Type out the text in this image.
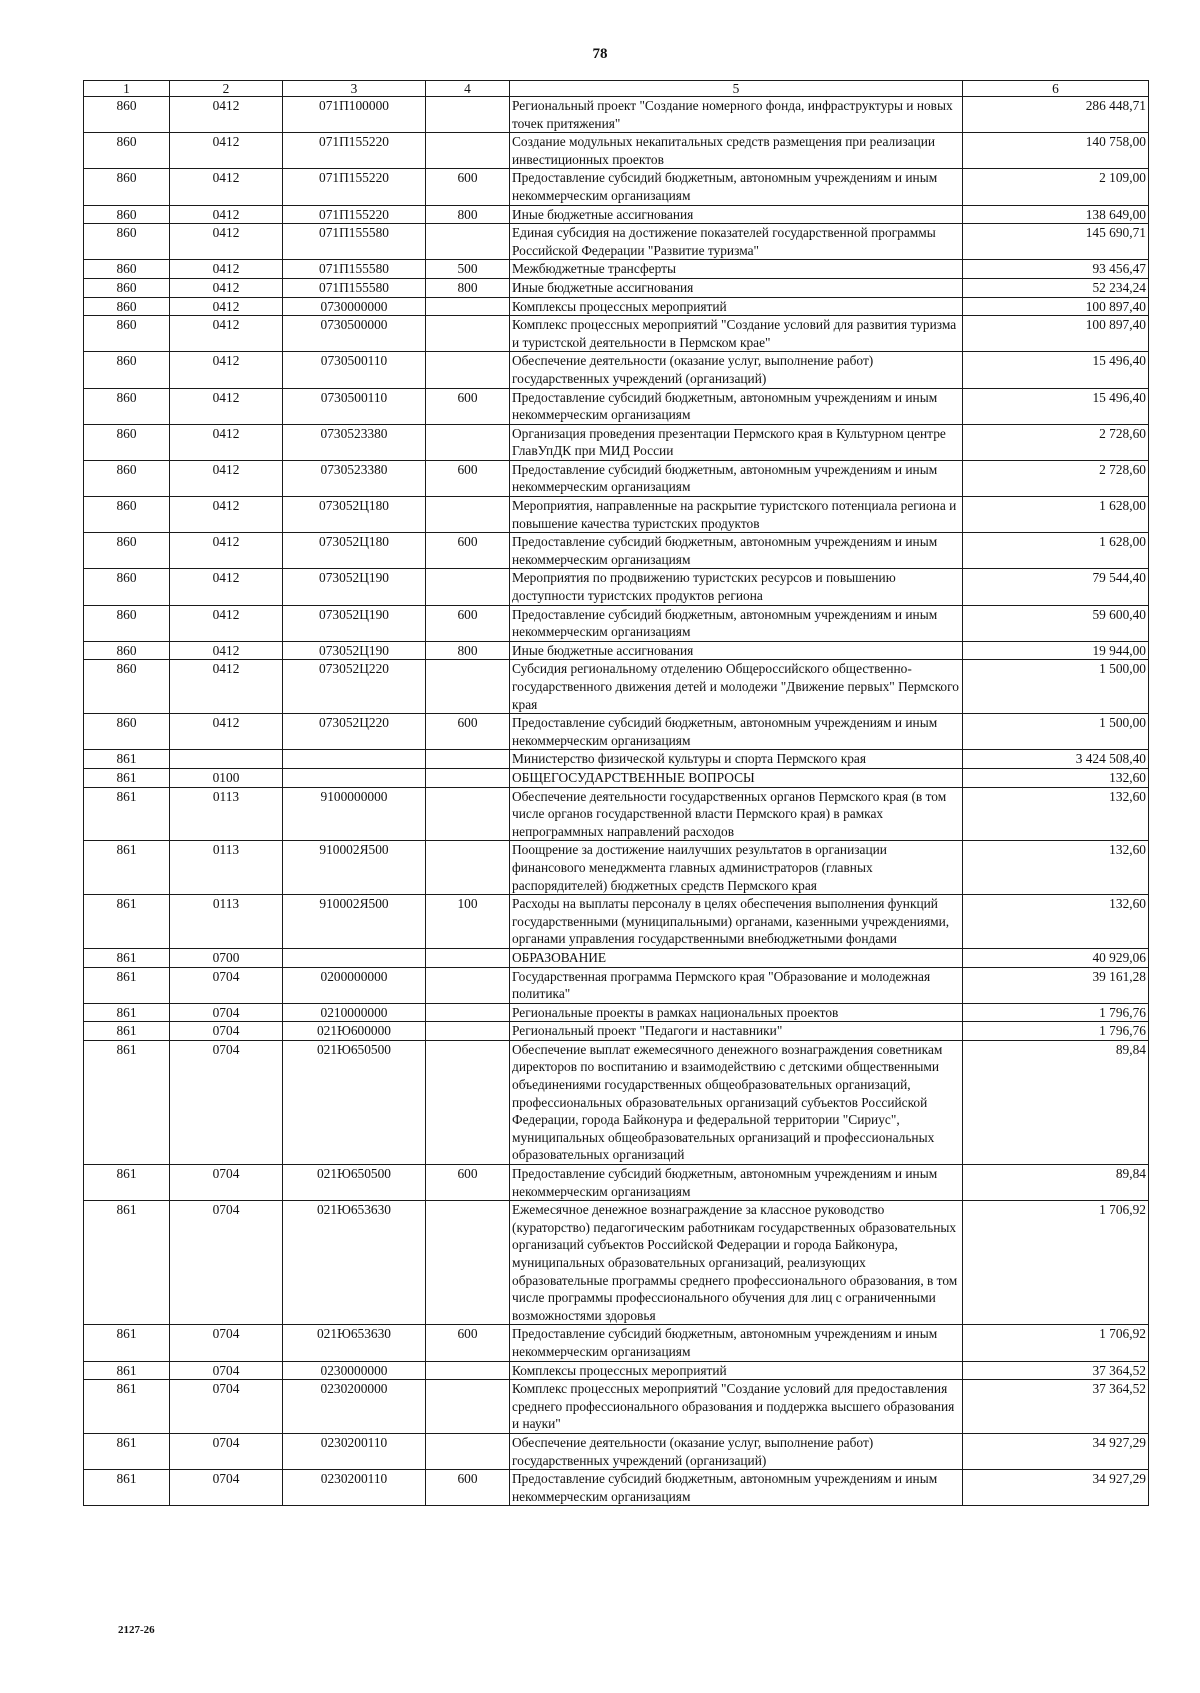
78
1	2	3	4	5	6
860	0412	071П100000		Региональный проект "Создание номерного фонда, инфраструктуры и новых точек притяжения"	286 448,71
860	0412	071П155220		Создание модульных некапитальных средств размещения при реализации инвестиционных проектов	140 758,00
860	0412	071П155220	600	Предоставление субсидий бюджетным, автономным учреждениям и иным некоммерческим организациям	2 109,00
860	0412	071П155220	800	Иные бюджетные ассигнования	138 649,00
860	0412	071П155580		Единая субсидия на достижение показателей государственной программы Российской Федерации "Развитие туризма"	145 690,71
860	0412	071П155580	500	Межбюджетные трансферты	93 456,47
860	0412	071П155580	800	Иные бюджетные ассигнования	52 234,24
860	0412	0730000000		Комплексы процессных мероприятий	100 897,40
860	0412	0730500000		Комплекс процессных мероприятий "Создание условий для развития туризма и туристской деятельности в Пермском крае"	100 897,40
860	0412	0730500110		Обеспечение деятельности (оказание услуг, выполнение работ) государственных учреждений (организаций)	15 496,40
860	0412	0730500110	600	Предоставление субсидий бюджетным, автономным учреждениям и иным некоммерческим организациям	15 496,40
860	0412	0730523380		Организация проведения презентации Пермского края в Культурном центре ГлавУпДК при МИД России	2 728,60
860	0412	0730523380	600	Предоставление субсидий бюджетным, автономным учреждениям и иным некоммерческим организациям	2 728,60
860	0412	073052Ц180		Мероприятия, направленные на раскрытие туристского потенциала региона и повышение качества туристских продуктов	1 628,00
860	0412	073052Ц180	600	Предоставление субсидий бюджетным, автономным учреждениям и иным некоммерческим организациям	1 628,00
860	0412	073052Ц190		Мероприятия по продвижению туристских ресурсов и повышению доступности туристских продуктов региона	79 544,40
860	0412	073052Ц190	600	Предоставление субсидий бюджетным, автономным учреждениям и иным некоммерческим организациям	59 600,40
860	0412	073052Ц190	800	Иные бюджетные ассигнования	19 944,00
860	0412	073052Ц220		Субсидия региональному отделению Общероссийского общественно-государственного движения детей и молодежи "Движение первых" Пермского края	1 500,00
860	0412	073052Ц220	600	Предоставление субсидий бюджетным, автономным учреждениям и иным некоммерческим организациям	1 500,00
861				Министерство физической культуры и спорта Пермского края	3 424 508,40
861	0100			ОБЩЕГОСУДАРСТВЕННЫЕ ВОПРОСЫ	132,60
861	0113	9100000000		Обеспечение деятельности государственных органов Пермского края (в том числе органов государственной власти Пермского края) в рамках непрограммных направлений расходов	132,60
861	0113	910002Я500		Поощрение за достижение наилучших результатов в организации финансового менеджмента главных администраторов (главных распорядителей) бюджетных средств Пермского края	132,60
861	0113	910002Я500	100	Расходы на выплаты персоналу в целях обеспечения выполнения функций государственными (муниципальными) органами, казенными учреждениями, органами управления государственными внебюджетными фондами	132,60
861	0700			ОБРАЗОВАНИЕ	40 929,06
861	0704	0200000000		Государственная программа Пермского края "Образование и молодежная политика"	39 161,28
861	0704	0210000000		Региональные проекты в рамках национальных проектов	1 796,76
861	0704	021Ю600000		Региональный проект "Педагоги и наставники"	1 796,76
861	0704	021Ю650500		Обеспечение выплат ежемесячного денежного вознаграждения советникам директоров по воспитанию и взаимодействию с детскими общественными объединениями государственных общеобразовательных организаций, профессиональных образовательных организаций субъектов Российской Федерации, города Байконура и федеральной территории "Сириус", муниципальных общеобразовательных организаций и профессиональных образовательных организаций	89,84
861	0704	021Ю650500	600	Предоставление субсидий бюджетным, автономным учреждениям и иным некоммерческим организациям	89,84
861	0704	021Ю653630		Ежемесячное денежное вознаграждение за классное руководство (кураторство) педагогическим работникам государственных образовательных организаций субъектов Российской Федерации и города Байконура, муниципальных образовательных организаций, реализующих образовательные программы среднего профессионального образования, в том числе программы профессионального обучения для лиц с ограниченными возможностями здоровья	1 706,92
861	0704	021Ю653630	600	Предоставление субсидий бюджетным, автономным учреждениям и иным некоммерческим организациям	1 706,92
861	0704	0230000000		Комплексы процессных мероприятий	37 364,52
861	0704	0230200000		Комплекс процессных мероприятий "Создание условий для предоставления среднего профессионального образования и поддержка высшего образования и науки"	37 364,52
861	0704	0230200110		Обеспечение деятельности (оказание услуг, выполнение работ) государственных учреждений (организаций)	34 927,29
861	0704	0230200110	600	Предоставление субсидий бюджетным, автономным учреждениям и иным некоммерческим организациям	34 927,29
2127-26
